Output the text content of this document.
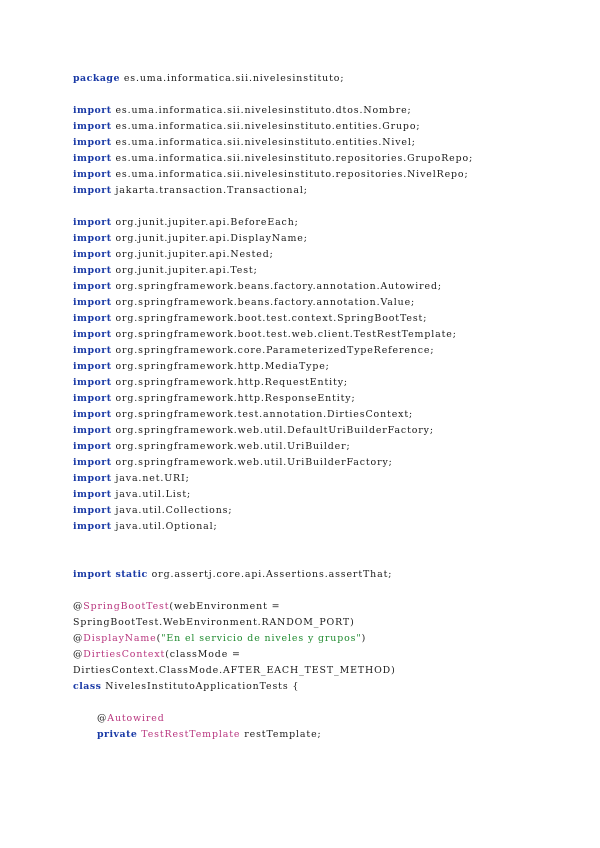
package es.uma.informatica.sii.nivelesinstituto;
import es.uma.informatica.sii.nivelesinstituto.dtos.Nombre;
import es.uma.informatica.sii.nivelesinstituto.entities.Grupo;
import es.uma.informatica.sii.nivelesinstituto.entities.Nivel;
import es.uma.informatica.sii.nivelesinstituto.repositories.GrupoRepo;
import es.uma.informatica.sii.nivelesinstituto.repositories.NivelRepo;
import jakarta.transaction.Transactional;
import org.junit.jupiter.api.BeforeEach;
import org.junit.jupiter.api.DisplayName;
import org.junit.jupiter.api.Nested;
import org.junit.jupiter.api.Test;
import org.springframework.beans.factory.annotation.Autowired;
import org.springframework.beans.factory.annotation.Value;
import org.springframework.boot.test.context.SpringBootTest;
import org.springframework.boot.test.web.client.TestRestTemplate;
import org.springframework.core.ParameterizedTypeReference;
import org.springframework.http.MediaType;
import org.springframework.http.RequestEntity;
import org.springframework.http.ResponseEntity;
import org.springframework.test.annotation.DirtiesContext;
import org.springframework.web.util.DefaultUriBuilderFactory;
import org.springframework.web.util.UriBuilder;
import org.springframework.web.util.UriBuilderFactory;
import java.net.URI;
import java.util.List;
import java.util.Collections;
import java.util.Optional;
import static org.assertj.core.api.Assertions.assertThat;
@SpringBootTest(webEnvironment =
SpringBootTest.WebEnvironment.RANDOM_PORT)
@DisplayName("En el servicio de niveles y grupos")
@DirtiesContext(classMode =
DirtiesContext.ClassMode.AFTER_EACH_TEST_METHOD)
class NivelesInstitutoApplicationTests {
@Autowired
private TestRestTemplate restTemplate;
